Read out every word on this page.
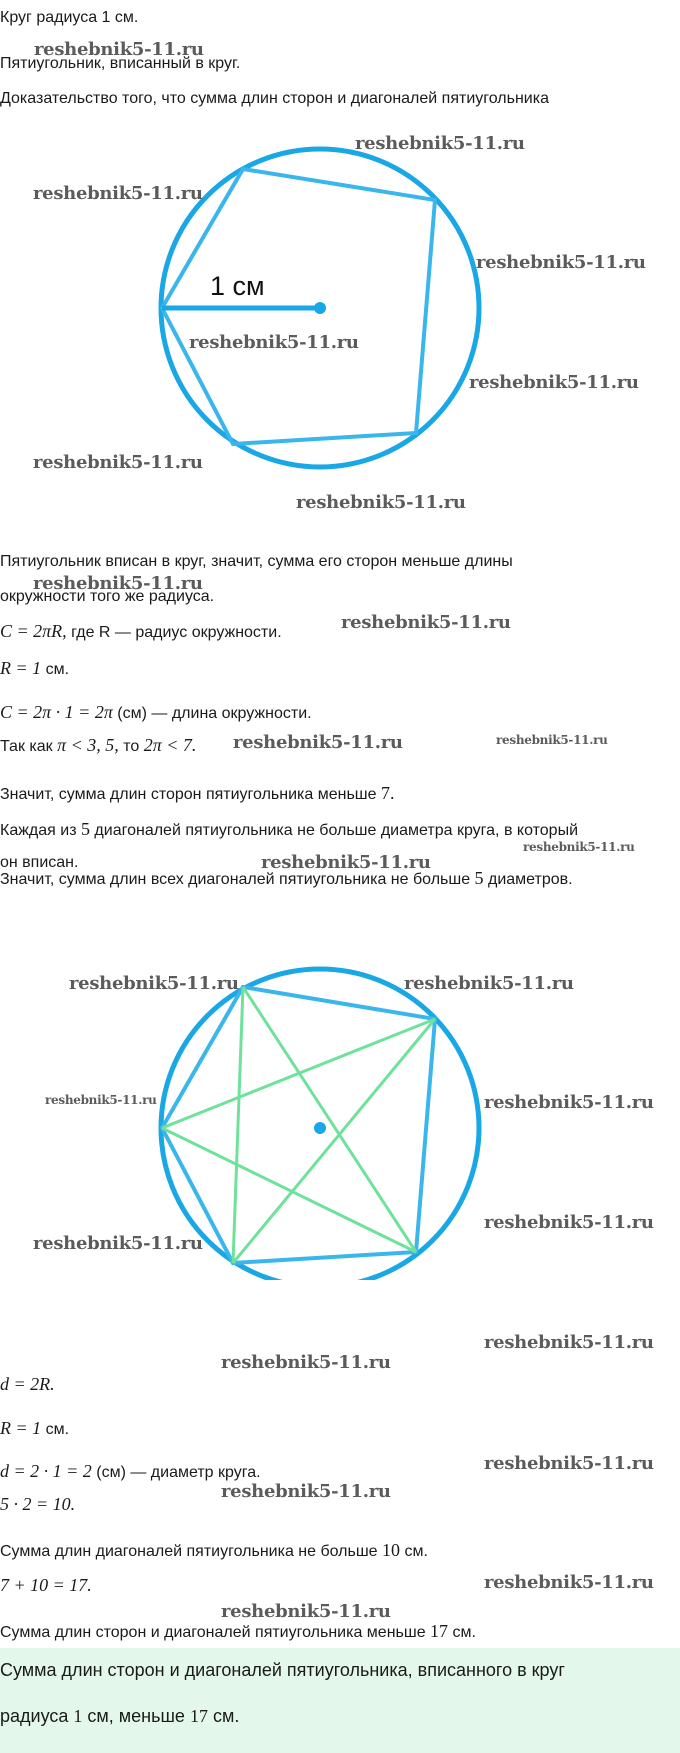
Круг радиуса 1 см.
Пятиугольник, вписанный в круг.
Доказательство того, что сумма длин сторон и диагоналей пятиугольника
1 см
Пятиугольник вписан в круг, значит, сумма его сторон меньше длины
окружности того же радиуса.
C = 2πR, где R — радиус окружности.
R = 1 см.
C = 2π · 1 = 2π (см) — длина окружности.
Так как π < 3, 5, то 2π < 7.
Значит, сумма длин сторон пятиугольника меньше 7.
Каждая из 5 диагоналей пятиугольника не больше диаметра круга, в который
он вписан.
Значит, сумма длин всех диагоналей пятиугольника не больше 5 диаметров.
d = 2R.
R = 1 см.
d = 2 · 1 = 2 (см) — диаметр круга.
5 · 2 = 10.
Сумма длин диагоналей пятиугольника не больше 10 см.
7 + 10 = 17.
Сумма длин сторон и диагоналей пятиугольника меньше 17 см.
Сумма длин сторон и диагоналей пятиугольника, вписанного в круг
радиуса 1 см, меньше 17 см.
reshebnik5-11.ru
reshebnik5-11.ru
reshebnik5-11.ru
reshebnik5-11.ru
reshebnik5-11.ru
reshebnik5-11.ru
reshebnik5-11.ru
reshebnik5-11.ru
reshebnik5-11.ru
reshebnik5-11.ru
reshebnik5-11.ru	reshebnik5-11.ru
reshebnik5-11.ru
reshebnik5-11.ru
reshebnik5-11.ru	reshebnik5-11.ru
reshebnik5-11.ru	reshebnik5-11.ru
reshebnik5-11.ru
reshebnik5-11.ru
reshebnik5-11.ru
reshebnik5-11.ru
reshebnik5-11.ru
reshebnik5-11.ru
reshebnik5-11.ru
reshebnik5-11.ru
